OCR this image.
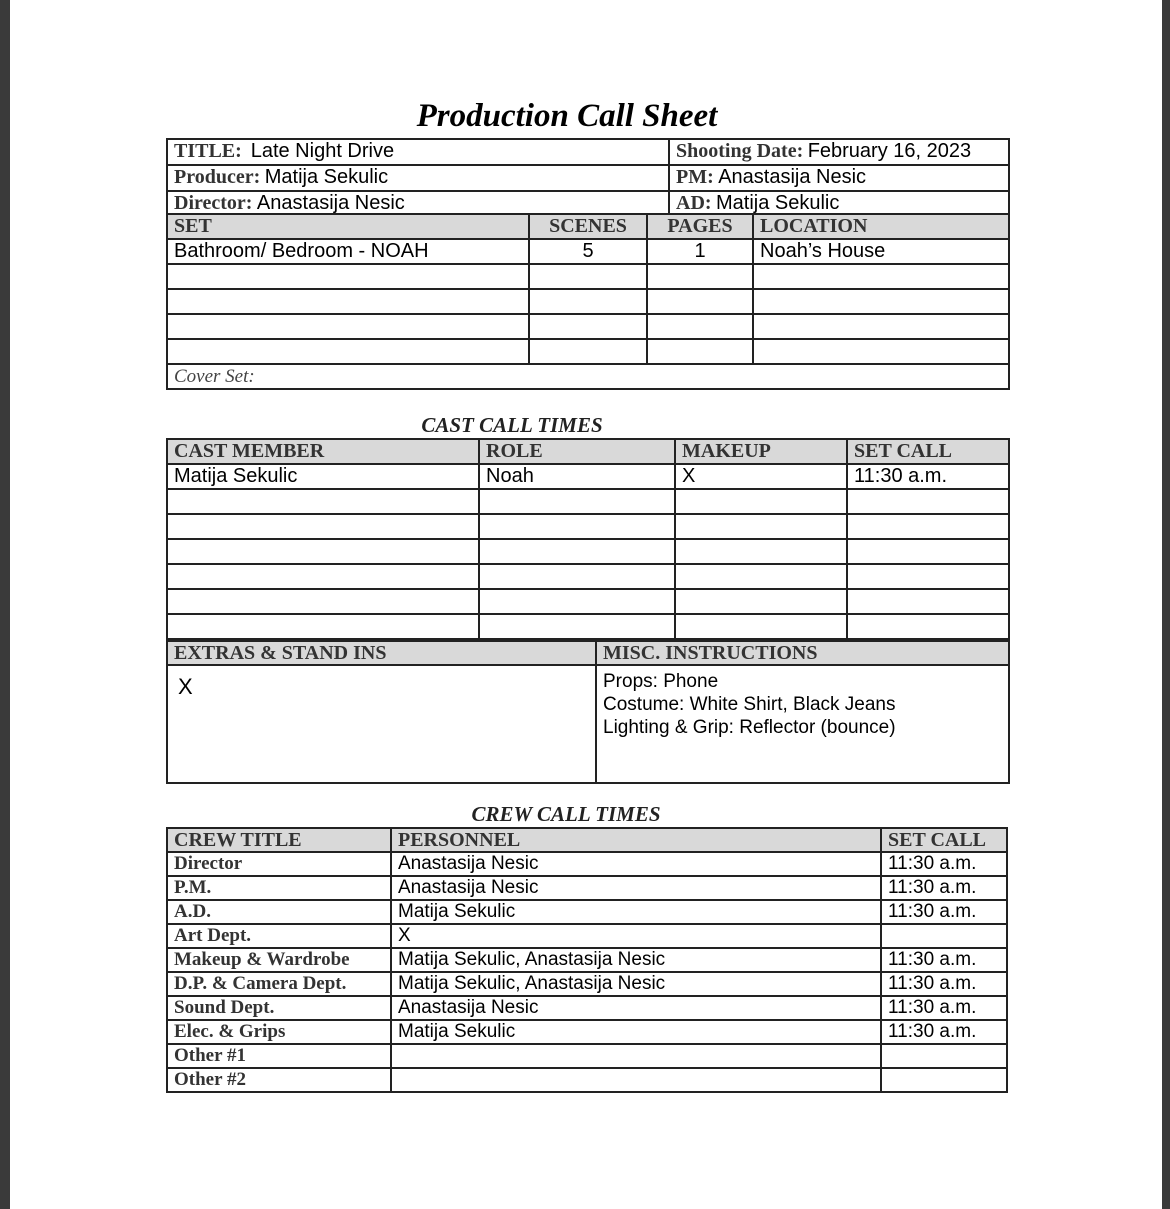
Production Call Sheet
TITLE: Late Night Drive	Shooting Date: February 16, 2023
Producer: Matija Sekulic	PM: Anastasija Nesic
Director: Anastasija Nesic	AD: Matija Sekulic
SET	SCENES	PAGES	LOCATION
Bathroom/ Bedroom - NOAH	5	1	Noah’s House

Cover Set:			
CAST CALL TIMES
CAST MEMBER	ROLE	MAKEUP	SET CALL
Matija Sekulic	Noah	X	11:30 a.m.

EXTRAS & STAND INS	MISC. INSTRUCTIONS
X	Props: Phone
Costume: White Shirt, Black Jeans
Lighting & Grip: Reflector (bounce)
CREW CALL TIMES
CREW TITLE	PERSONNEL	SET CALL
Director	Anastasija Nesic	11:30 a.m.
P.M.	Anastasija Nesic	11:30 a.m.
A.D.	Matija Sekulic	11:30 a.m.
Art Dept.	X	
Makeup & Wardrobe	Matija Sekulic, Anastasija Nesic	11:30 a.m.
D.P. & Camera Dept.	Matija Sekulic, Anastasija Nesic	11:30 a.m.
Sound Dept.	Anastasija Nesic	11:30 a.m.
Elec. & Grips	Matija Sekulic	11:30 a.m.
Other #1		
Other #2		
